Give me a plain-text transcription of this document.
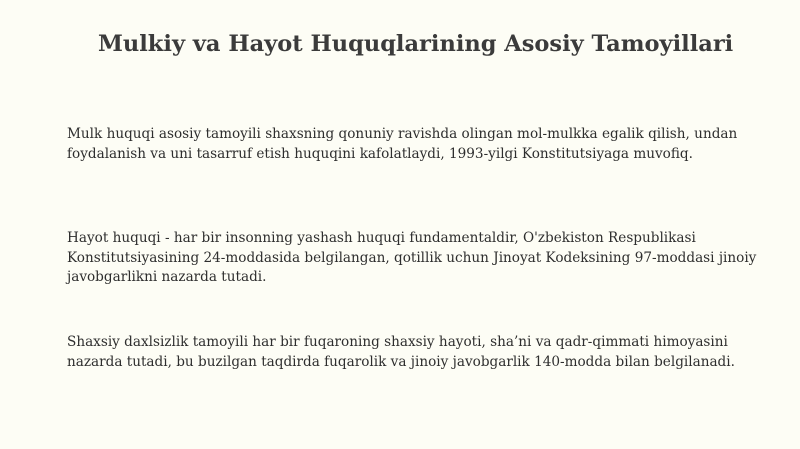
Mulkiy va Hayot Huquqlarining Asosiy Tamoyillari

Mulk huquqi asosiy tamoyili shaxsning qonuniy ravishda olingan mol-mulkka egalik qilish, undan foydalanish va uni tasarruf etish huquqini kafolatlaydi, 1993-yilgi Konstitutsiyaga muvofiq.

Hayot huquqi - har bir insonning yashash huquqi fundamentaldir, O'zbekiston Respublikasi Konstitutsiyasining 24-moddasida belgilangan, qotillik uchun Jinoyat Kodeksining 97-moddasi jinoiy javobgarlikni nazarda tutadi.

Shaxsiy daxlsizlik tamoyili har bir fuqaroning shaxsiy hayoti, sha’ni va qadr-qimmati himoyasini nazarda tutadi, bu buzilgan taqdirda fuqarolik va jinoiy javobgarlik 140-modda bilan belgilanadi.
